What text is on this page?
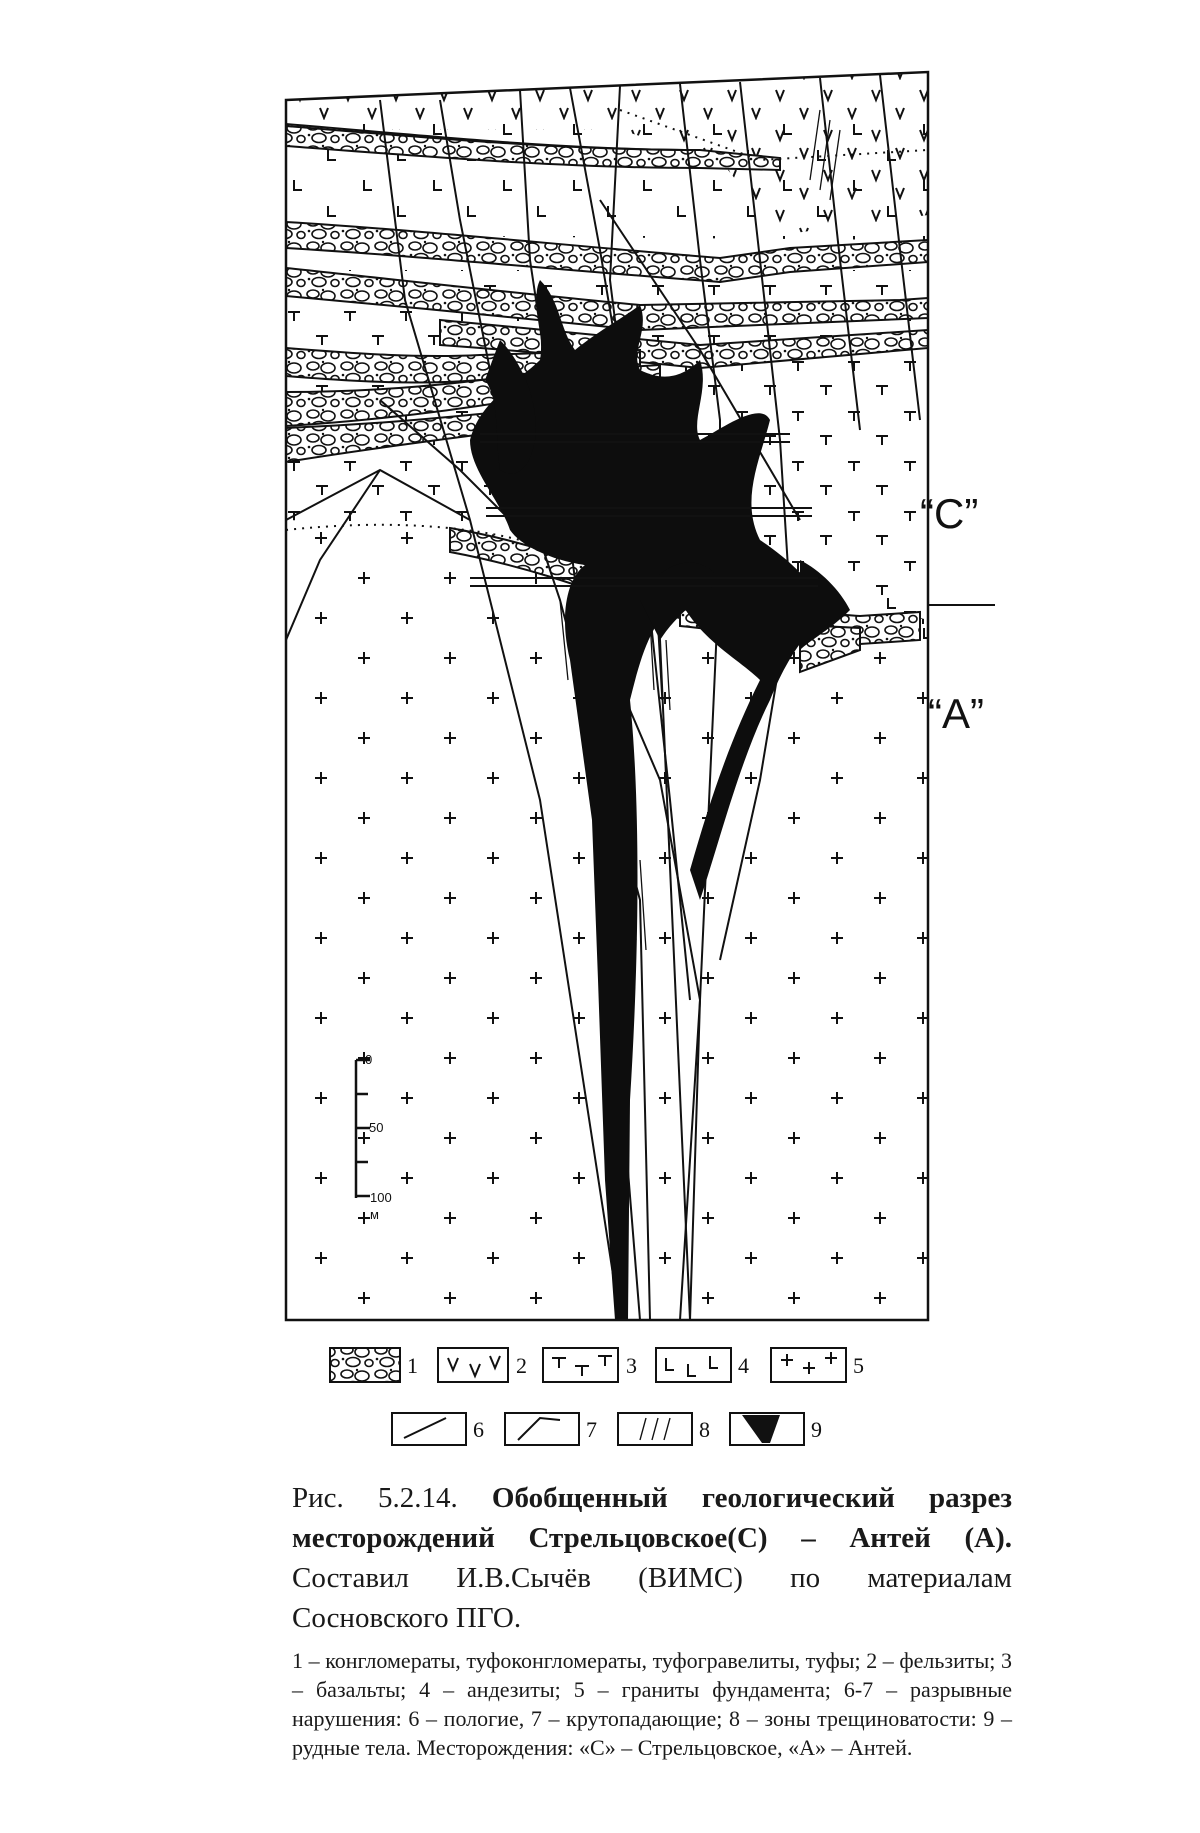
“C”
“A”
0
50
100
м
1	2	3	4	5
6	7	8	9

Рис. 5.2.14. Обобщенный геологический разрез месторождений Стрельцовское(С) – Антей (А). Составил И.В.Сычёв (ВИМС) по материалам Сосновского ПГО.

1 – конгломераты, туфоконгломераты, туфогравелиты, туфы; 2 – фельзиты; 3 – базальты; 4 – андезиты; 5 – граниты фундамента; 6-7 – разрывные нарушения: 6 – пологие, 7 – крутопадающие; 8 – зоны трещиноватости: 9 – рудные тела. Месторождения: «С» – Стрельцовское, «А» – Антей.
